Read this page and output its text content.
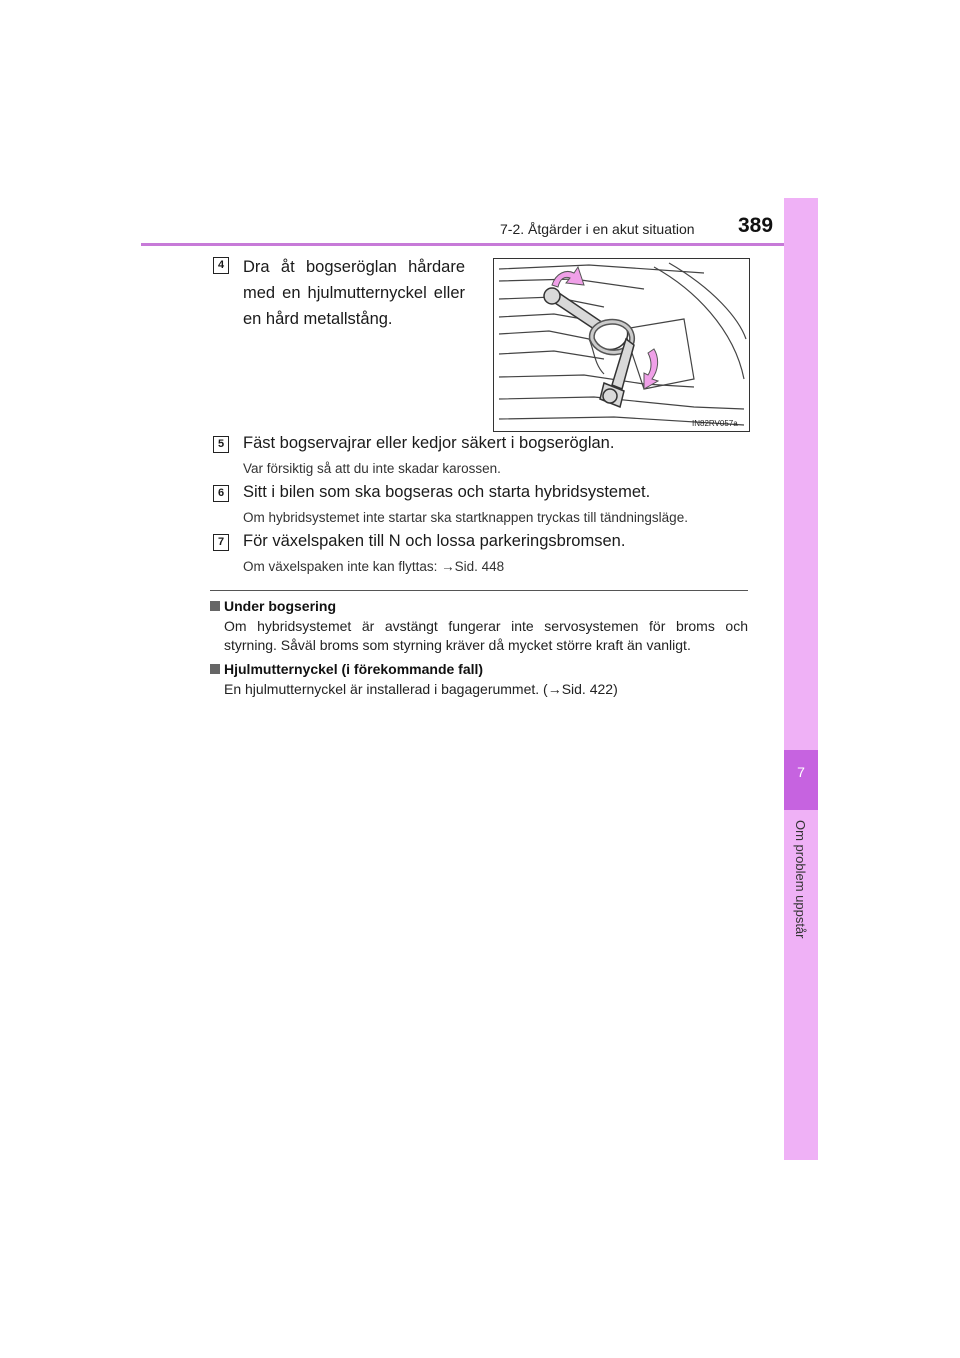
7-2. Åtgärder i en akut situation 389
7
Om problem uppstår
4 Dra åt bogseröglan hårdare
med en hjulmutternyckel eller
en hård metallstång.
IN82RV057a
5 Fäst bogservajrar eller kedjor säkert i bogseröglan.
Var försiktig så att du inte skadar karossen.
6 Sitt i bilen som ska bogseras och starta hybridsystemet.
Om hybridsystemet inte startar ska startknappen tryckas till tändningsläge.
7 För växelspaken till N och lossa parkeringsbromsen.
Om växelspaken inte kan flyttas: →Sid. 448
Under bogsering
Om hybridsystemet är avstängt fungerar inte servosystemen för broms och
styrning. Såväl broms som styrning kräver då mycket större kraft än vanligt.
Hjulmutternyckel (i förekommande fall)
En hjulmutternyckel är installerad i bagagerummet. (→Sid. 422)
